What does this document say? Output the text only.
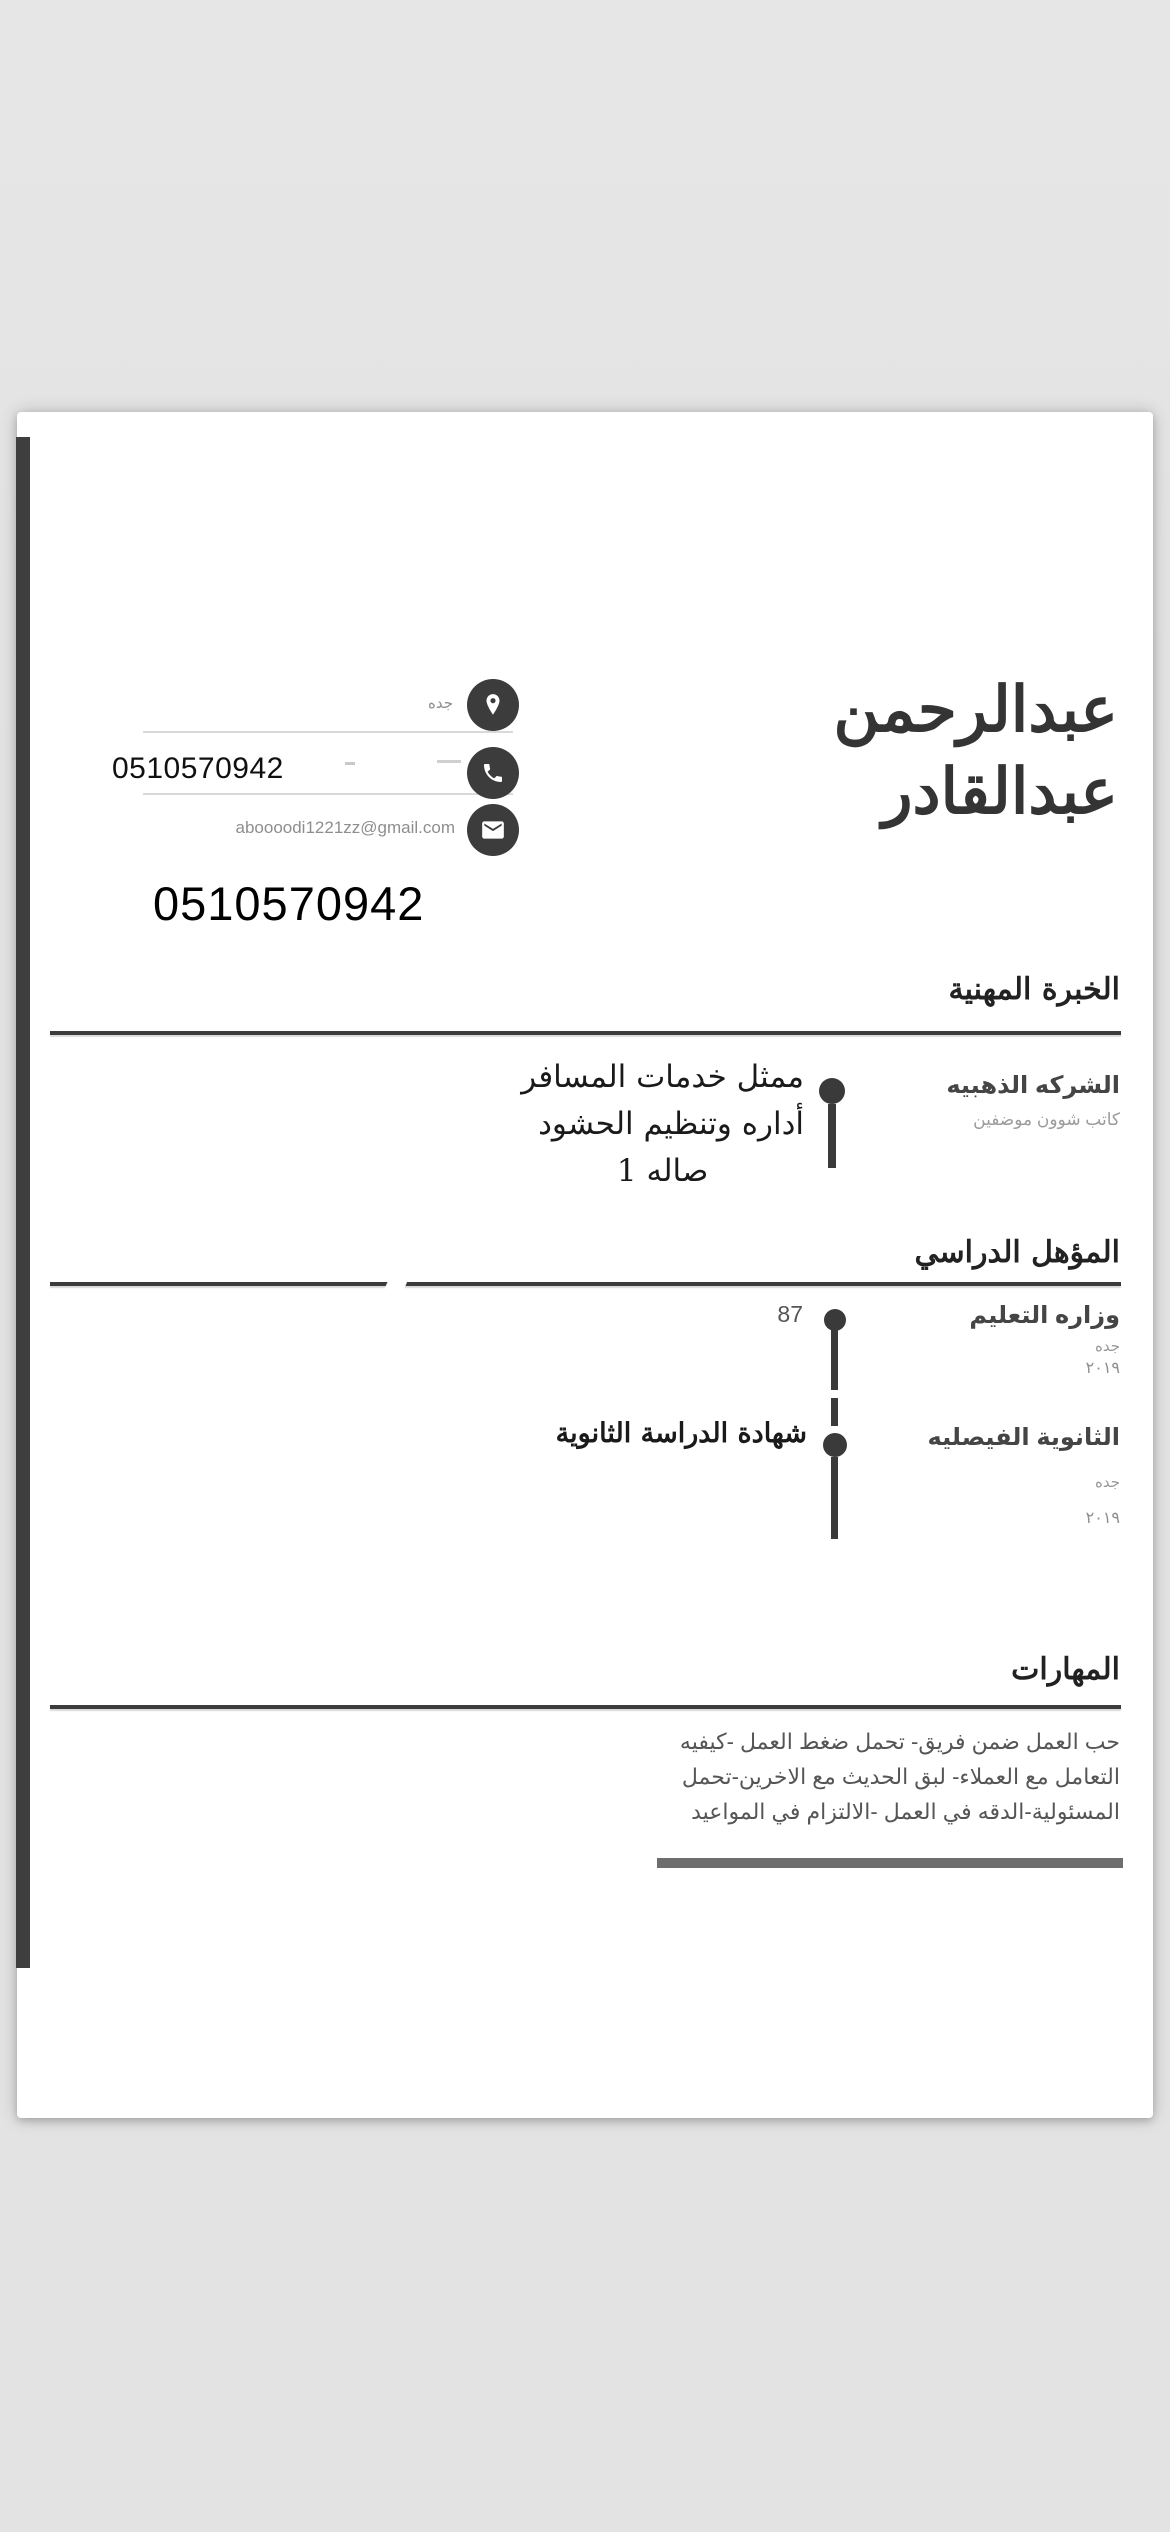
عبدالرحمن
عبدالقادر
جده
0510570942
aboooodi1221zz@gmail.com
0510570942
الخبرة المهنية
الشركه الذهبيه
كاتب شوون موضفين
ممثل خدمات المسافر
أداره وتنظيم الحشود
صاله 1
المؤهل الدراسي
وزاره التعليم
جده
٢٠١٩
87
الثانوية الفيصليه
جده
٢٠١٩
شهادة الدراسة الثانوية
المهارات
حب العمل ضمن فريق- تحمل ضغط العمل -كيفيه التعامل مع العملاء- لبق الحديث مع الاخرين-تحمل المسئولية-الدقه في العمل -الالتزام في المواعيد
